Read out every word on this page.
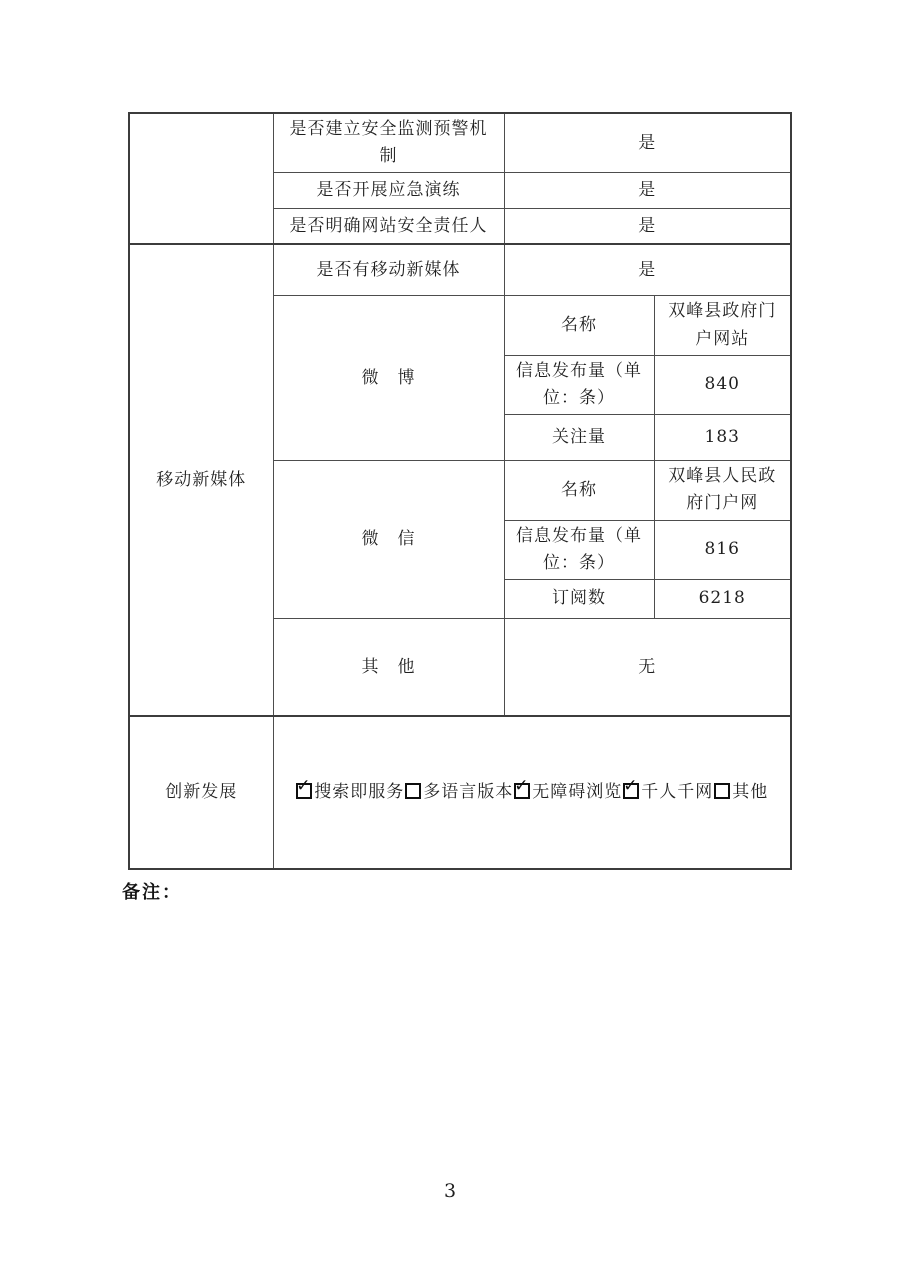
	是否建立安全监测预警机制	是	
	是否开展应急演练	是	
	是否明确网站安全责任人	是	
移动新媒体	是否有移动新媒体	是	
	微　博	名称	双峰县政府门户网站
		信息发布量（单位：条）	840
		关注量	183
	微　信	名称	双峰县人民政府门户网
		信息发布量（单位：条）	816
		订阅数	6218
	其　他	无	
创新发展	✓ 搜索即服务 多语言版本 ✓ 无障碍浏览 ✓ 千人千网 其他
备注：
3
